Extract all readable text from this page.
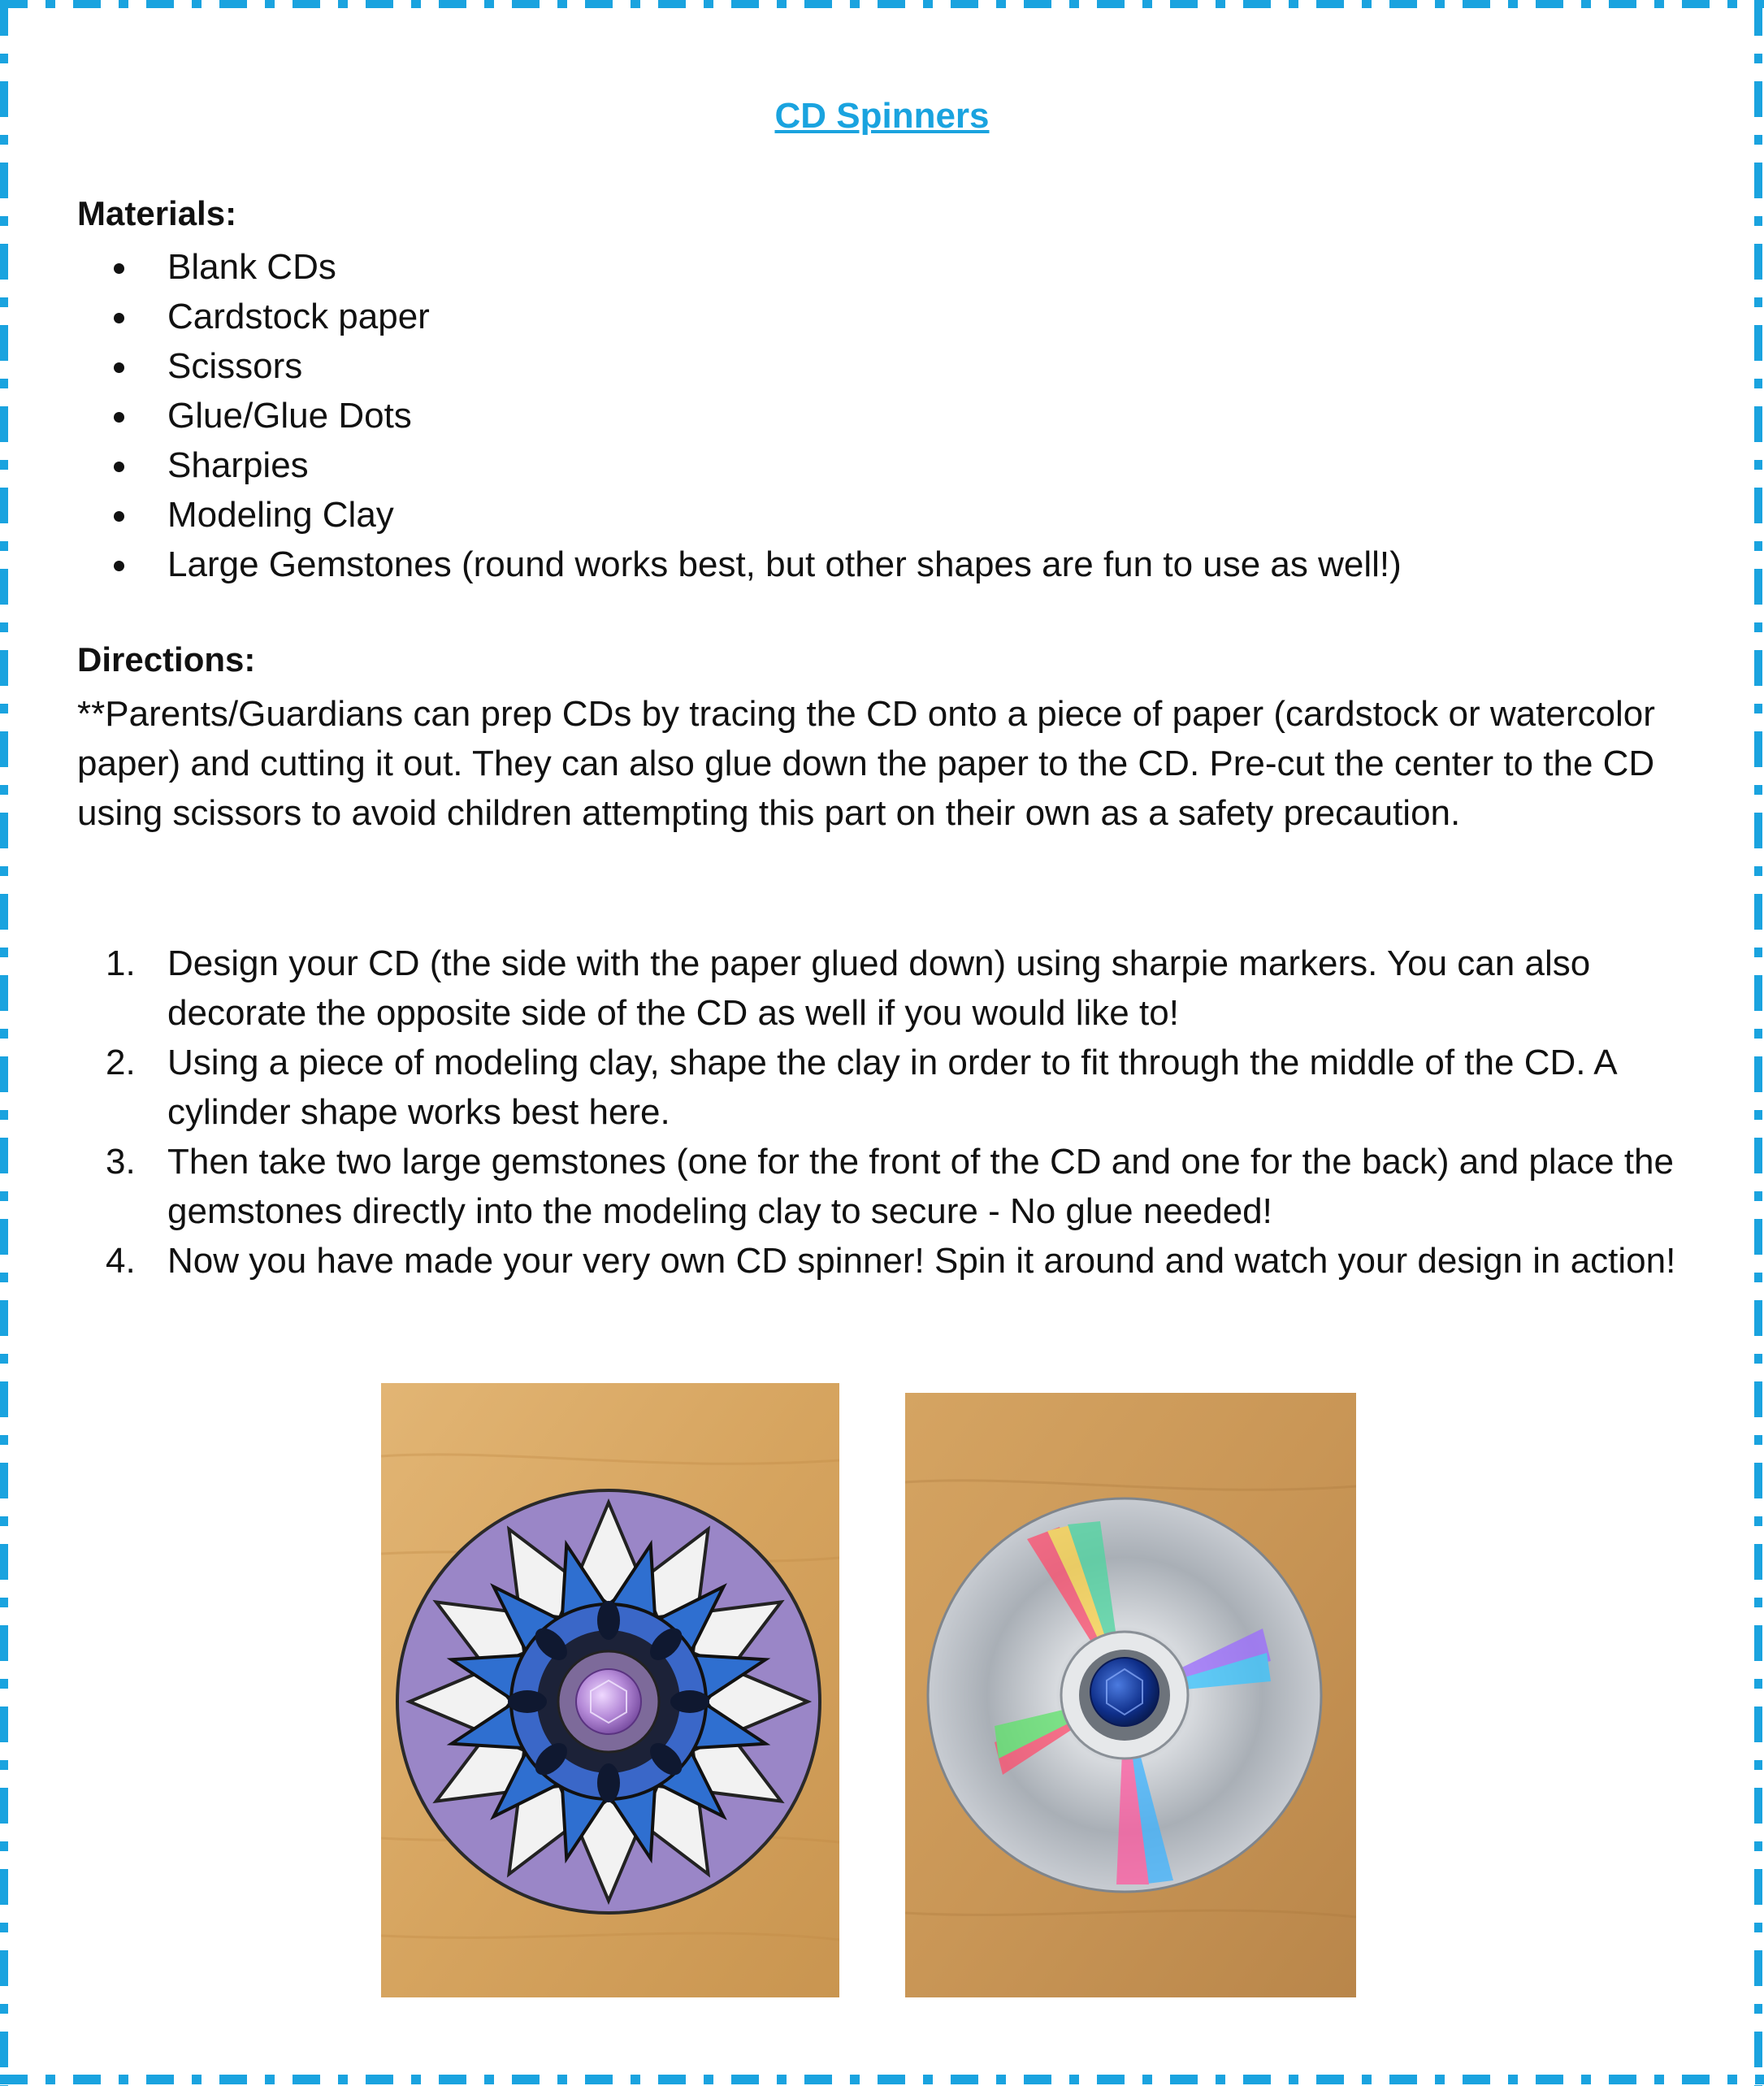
CD Spinners
Materials:
Blank CDs
Cardstock paper
Scissors
Glue/Glue Dots
Sharpies
Modeling Clay
Large Gemstones (round works best, but other shapes are fun to use as well!)
Directions:
**Parents/Guardians can prep CDs by tracing the CD onto a piece of paper (cardstock or watercolor paper) and cutting it out. They can also glue down the paper to the CD. Pre-cut the center to the CD using scissors to avoid children attempting this part on their own as a safety precaution.
1. Design your CD (the side with the paper glued down) using sharpie markers. You can also decorate the opposite side of the CD as well if you would like to!
2. Using a piece of modeling clay, shape the clay in order to fit through the middle of the CD. A cylinder shape works best here.
3. Then take two large gemstones (one for the front of the CD and one for the back) and place the gemstones directly into the modeling clay to secure - No glue needed!
4. Now you have made your very own CD spinner! Spin it around and watch your design in action!
